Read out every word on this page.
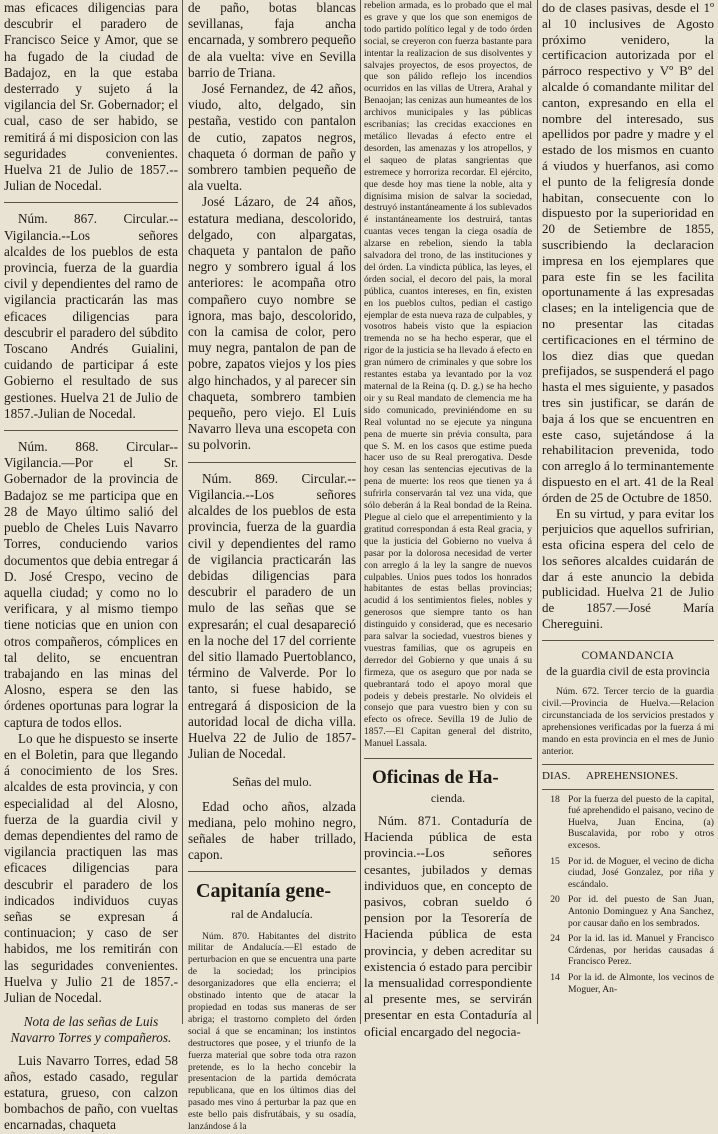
mas eficaces diligencias para descubrir el paradero de Francisco Seice y Amor, que se ha fugado de la ciudad de Badajoz, en la que estaba desterrado y sujeto á la vigilancia del Sr. Gobernador; el cual, caso de ser habido, se remitirá á mi disposicion con las seguridades convenientes. Huelva 21 de Julio de 1857.--Julian de Nocedal.

Núm. 867. Circular.--Vigilancia.--Los señores alcaldes de los pueblos de esta provincia, fuerza de la guardia civil y dependientes del ramo de vigilancia practicarán las mas eficaces diligencias para descubrir el paradero del súbdito Toscano Andrés Guialini, cuidando de participar á este Gobierno el resultado de sus gestiones. Huelva 21 de Julio de 1857.-Julian de Nocedal.

Núm. 868. Circular--Vigilancia.—Por el Sr. Gobernador de la provincia de Badajoz se me participa que en 28 de Mayo último salió del pueblo de Cheles Luis Navarro Torres, conduciendo varios documentos que debia entregar á D. José Crespo, vecino de aquella ciudad; y como no lo verificara, y al mismo tiempo tiene noticias que en union con otros compañeros, cómplices en tal delito, se encuentran trabajando en las minas del Alosno, espera se den las órdenes oportunas para lograr la captura de todos ellos.

Lo que he dispuesto se inserte en el Boletin, para que llegando á conocimiento de los Sres. alcaldes de esta provincia, y con especialidad al del Alosno, fuerza de la guardia civil y demas dependientes del ramo de vigilancia practiquen las mas eficaces diligencias para descubrir el paradero de los indicados individuos cuyas señas se expresan á continuacion; y caso de ser habidos, me los remitirán con las seguridades convenientes. Huelva y Julio 21 de 1857.-Julian de Nocedal.

Nota de las señas de Luis Navarro Torres y compañeros.

Luis Navarro Torres, edad 58 años, estado casado, regular estatura, grueso, con calzon bombachos de paño, con vueltas encarnadas, chaqueta

de paño, botas blancas sevillanas, faja ancha encarnada, y sombrero pequeño de ala vuelta: vive en Sevilla barrio de Triana.

José Fernandez, de 42 años, viudo, alto, delgado, sin pestaña, vestido con pantalon de cutio, zapatos negros, chaqueta ó dorman de paño y sombrero tambien pequeño de ala vuelta.

José Lázaro, de 24 años, estatura mediana, descolorido, delgado, con alpargatas, chaqueta y pantalon de paño negro y sombrero igual á los anteriores: le acompaña otro compañero cuyo nombre se ignora, mas bajo, descolorido, con la camisa de color, pero muy negra, pantalon de pan de pobre, zapatos viejos y los pies algo hinchados, y al parecer sin chaqueta, sombrero tambien pequeño, pero viejo. El Luis Navarro lleva una escopeta con su polvorin.

Núm. 869. Circular.--Vigilancia.--Los señores alcaldes de los pueblos de esta provincia, fuerza de la guardia civil y dependientes del ramo de vigilancia practicarán las debidas diligencias para descubrir el paradero de un mulo de las señas que se expresarán; el cual desapareció en la noche del 17 del corriente del sitio llamado Puertoblanco, término de Valverde. Por lo tanto, si fuese habido, se entregará á disposicion de la autoridad local de dicha villa. Huelva 22 de Julio de 1857-Julian de Nocedal.

Señas del mulo.

Edad ocho años, alzada mediana, pelo mohino negro, señales de haber trillado, capon.

Capitanía gene-

ral de Andalucía.

Núm. 870. Habitantes del distrito militar de Andalucía.—El estado de perturbacion en que se encuentra una parte de la sociedad; los principios desorganizadores que ella encierra; el obstinado intento que de atacar la propiedad en todas sus maneras de ser abriga; el trastorno completo del órden social á que se encaminan; los instintos destructores que posee, y el triunfo de la fuerza material que sobre toda otra razon pretende, es lo la hecho concebir la presentacion de la partida demócrata republicana, que en los últimos dias del pasado mes vino á perturbar la paz que en este bello pais disfrutábais, y su osadía, lanzándose á la

rebelion armada, es lo probado que el mal es grave y que los que son enemigos de todo partido político legal y de todo órden social, se creyeron con fuerza bastante para intentar la realizacion de sus disolventes y salvajes proyectos, de esos proyectos, de que son pálido reflejo los incendios ocurridos en las villas de Utrera, Arahal y Benaojan; las cenizas aun humeantes de los archivos municipales y las públicas escribanías; las crecidas exacciones en metálico llevadas á efecto entre el desorden, las amenazas y los atropellos, y el saqueo de platas sangrientas que estremece y horroriza recordar. El ejército, que desde hoy mas tiene la noble, alta y dignísima mision de salvar la sociedad, destruyó instantáneamente á los sublevados é instantáneamente los destruirá, tantas cuantas veces tengan la ciega osadía de alzarse en rebelion, siendo la tabla salvadora del trono, de las instituciones y del órden. La vindicta pública, las leyes, el órden social, el decoro del pais, la moral pública, cuantos intereses, en fin, existen en los pueblos cultos, pedian el castigo ejemplar de esta nueva raza de culpables, y vosotros habeis visto que la espiacion tremenda no se ha hecho esperar, que el rigor de la justicia se ha llevado á efecto en gran número de criminales y que sobre los restantes estaba ya levantado por la voz maternal de la Reina (q. D. g.) se ha hecho oir y su Real mandato de clemencia me ha sido comunicado, previniéndome en su Real voluntad no se ejecute ya ninguna pena de muerte sin prévia consulta, para que S. M. en los casos que estime pueda hacer uso de su Real prerogativa. Desde hoy cesan las sentencias ejecutivas de la pena de muerte: los reos que tienen ya á sufrirla conservarán tal vez una vida, que sólo deberán á la Real bondad de la Reina. Plegue al cielo que el arrepentimiento y la gratitud correspondan á esta Real gracia, y que la justicia del Gobierno no vuelva á pasar por la dolorosa necesidad de verter con arreglo á la ley la sangre de nuevos culpables. Unios pues todos los honrados habitantes de estas bellas provincias; acudid á los sentimientos fieles, nobles y generosos que siempre tanto os han distinguido y considerad, que es necesario para salvar la sociedad, vuestros bienes y vuestras familias, que os agrupeis en derredor del Gobierno y que unais á su firmeza, que os aseguro que por nada se quebrantará todo el apoyo moral que podeis y debeis prestarle. No olvideis el consejo que para vuestro bien y con su efecto os ofrece. Sevilla 19 de Julio de 1857.—El Capitan general del distrito, Manuel Lassala.

Oficinas de Ha-

cienda.

Núm. 871. Contaduría de Hacienda pública de esta provincia.--Los señores cesantes, jubilados y demas individuos que, en concepto de pasivos, cobran sueldo ó pension por la Tesorería de Hacienda pública de esta provincia, y deben acreditar su existencia ó estado para percibir la mensualidad correspondiente al presente mes, se servirán presentar en esta Contaduría al oficial encargado del negocia-

do de clases pasivas, desde el 1º al 10 inclusives de Agosto próximo venidero, la certificacion autorizada por el párroco respectivo y Vº Bº del alcalde ó comandante militar del canton, expresando en ella el nombre del interesado, sus apellidos por padre y madre y el estado de los mismos en cuanto á viudos y huerfanos, asi como el punto de la feligresía donde habitan, consecuente con lo dispuesto por la superioridad en 20 de Setiembre de 1855, suscribiendo la declaracion impresa en los ejemplares que para este fin se les facilita oportunamente á las expresadas clases; en la inteligencia que de no presentar las citadas certificaciones en el término de los diez dias que quedan prefijados, se suspenderá el pago hasta el mes siguiente, y pasados tres sin justificar, se darán de baja á los que se encuentren en este caso, sujetándose á la rehabilitacion prevenida, todo con arreglo á lo terminantemente dispuesto en el art. 41 de la Real órden de 25 de Octubre de 1850.

En su virtud, y para evitar los perjuicios que aquellos sufririan, esta oficina espera del celo de los señores alcaldes cuidarán de dar á este anuncio la debida publicidad. Huelva 21 de Julio de 1857.—José María Chereguini.

COMANDANCIA

de la guardia civil de esta provincia

Núm. 672. Tercer tercio de la guardia civil.—Provincia de Huelva.—Relacion circunstanciada de los servicios prestados y aprehensiones verificadas por la fuerza á mi mando en esta provincia en el mes de Junio anterior.

DIAS.	APREHENSIONES.

18 Por la fuerza del puesto de la capital, fué aprehendido el paisano, vecino de Huelva, Juan Encina, (a) Buscalavida, por robo y otros excesos.
15 Por id. de Moguer, el vecino de dicha ciudad, José Gonzalez, por riña y escándalo.
20 Por id. del puesto de San Juan, Antonio Dominguez y Ana Sanchez, por causar daño en los sembrados.
24 Por la id. las id. Manuel y Francisco Cárdenas, por heridas causadas á Francisco Perez.
14 Por la id. de Almonte, los vecinos de Moguer, An-
